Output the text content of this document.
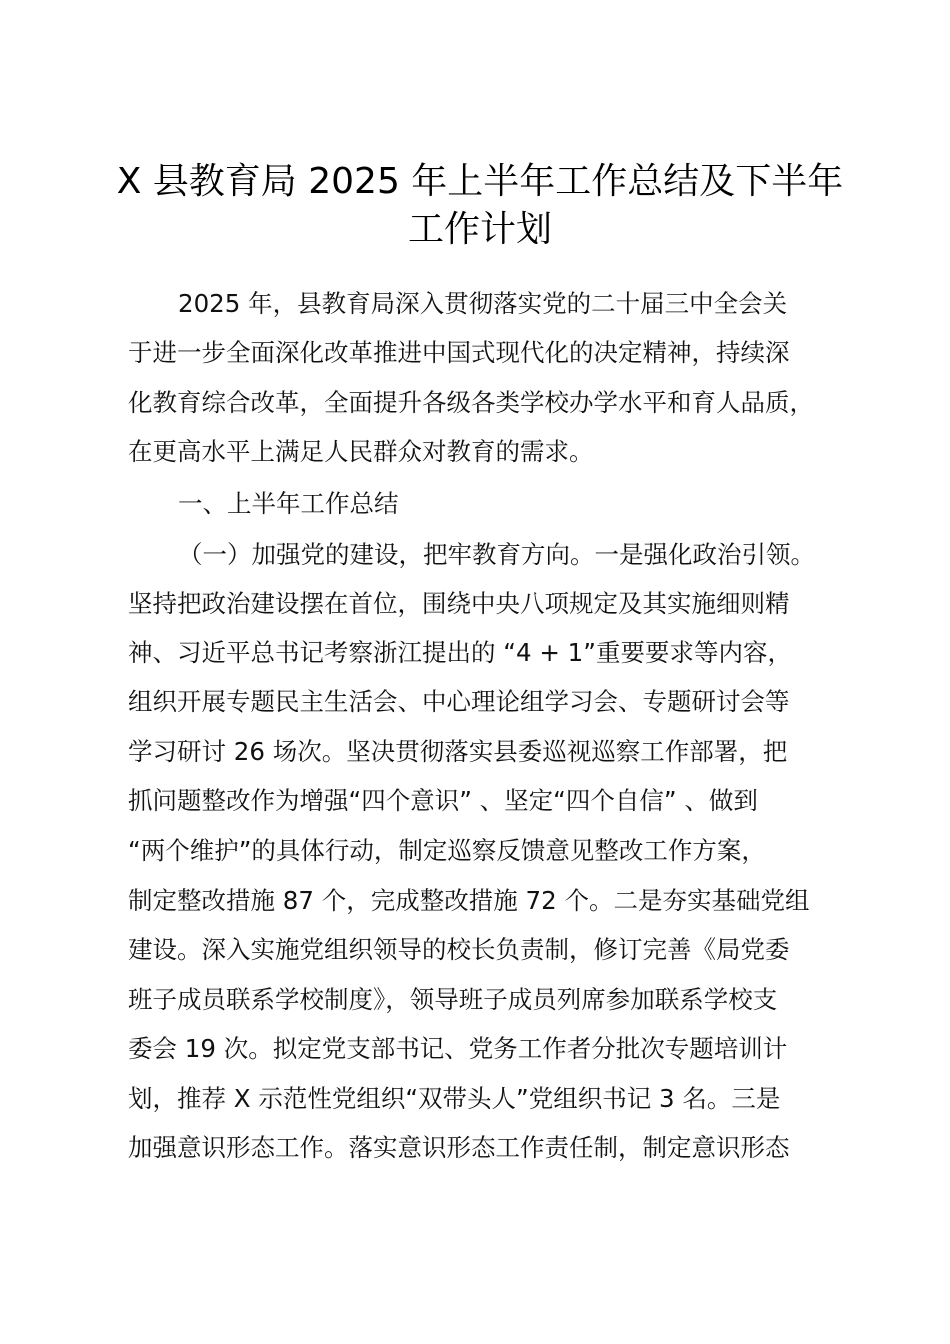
X 县教育局 2025 年上半年工作总结及下半年
工作计划
2025 年，县教育局深入贯彻落实党的二十届三中全会关
于进一步全面深化改革推进中国式现代化的决定精神，持续深
化教育综合改革，全面提升各级各类学校办学水平和育人品质，
在更高水平上满足人民群众对教育的需求。
一、上半年工作总结
（一）加强党的建设，把牢教育方向。一是强化政治引领。
坚持把政治建设摆在首位，围绕中央八项规定及其实施细则精
神、习近平总书记考察浙江提出的 “4 + 1”重要要求等内容，
组织开展专题民主生活会、中心理论组学习会、专题研讨会等
学习研讨 26 场次。坚决贯彻落实县委巡视巡察工作部署，把
抓问题整改作为增强“四个意识” 、坚定“四个自信” 、做到
“两个维护”的具体行动，制定巡察反馈意见整改工作方案，
制定整改措施 87 个，完成整改措施 72 个。二是夯实基础党组
建设。深入实施党组织领导的校长负责制，修订完善《局党委
班子成员联系学校制度》，领导班子成员列席参加联系学校支
委会 19 次。拟定党支部书记、党务工作者分批次专题培训计
划，推荐 X 示范性党组织“双带头人”党组织书记 3 名。三是
加强意识形态工作。落实意识形态工作责任制，制定意识形态
